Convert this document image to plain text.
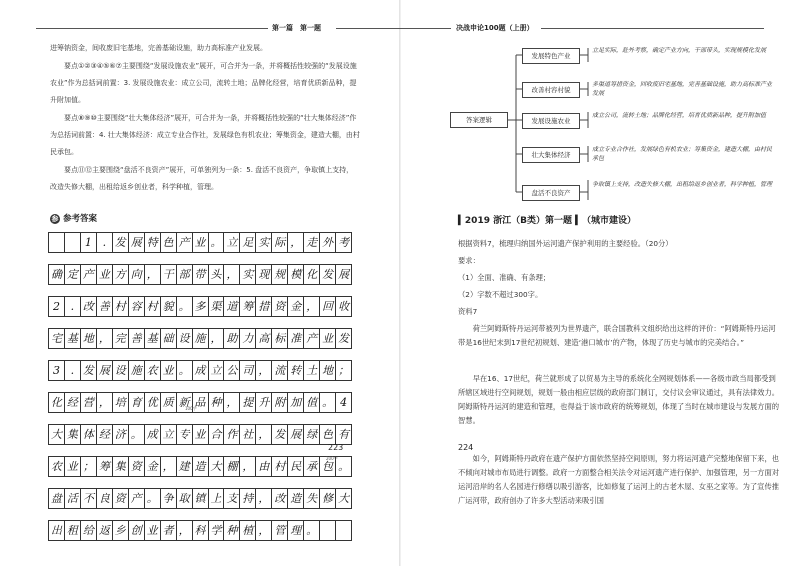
第一篇　第一题	决战申论100题（上册）
进筹钠资金，间收废旧宅基地，完善基础设施，助力高标准产业发展。
要点①②③④⑤⑥⑦主要围绕“发展设施农业”展开，可合并为一条，并将概括性较强的“发展设施农业”作为总括词前置：3. 发展设施农业：成立公司，流转土地；品牌化经营，培育优质新品种，提升附加值。
要点⑧⑨⑩主要围绕“壮大集体经济”展开，可合并为一条，并将概括性较强的“壮大集体经济”作为总括词前置：4. 壮大集体经济：成立专业合作社，发展绿色有机农业；筹集资金，建造大棚，由村民承包。
要点⑪⑫主要围绕“盘活不良资产”展开，可单独列为一条：5. 盘活不良资产，争取镇上支持，改造失修大棚，出租给返乡创业者，科学种植，管理。
参 参考答案
1 . 发 展 特 色 产 业 。 立 足 实 际 ， 走 外 考
确 定 产 业 方 向 ， 干 部 带 头 ， 实 现 规 模 化 发 展
2 . 改 善 村 容 村 貌 。 多 渠 道 筹 措 资 金 ， 回 收
宅 基 地 ， 完 善 基 础 设 施 ， 助 力 高 标 准 产 业 发
3 . 发 展 设 施 农 业 。 成 立 公 司 ， 流 转 土 地 ；
化 经 营 ， 培 育 优 质 新 品 种 ， 提 升 附 加 值 。 4
大 集 体 经 济 。 成 立 专 业 合 作 社 ， 发 展 绿 色 有
农 业 ； 筹 集 资 金 ， 建 造 大 棚 ， 由 村 民 承 包 。
盘 活 不 良 资 产 。 争 取 镇 上 支 持 ， 改 造 失 修 大
出 租 给 返 乡 创 业 者 ， 科 学 种 植 ， 管 理 。
100字
200字
223
答案逻辑
发展特色产业
改善村容村貌
发展设施农业
壮大集体经济
盘活不良资产
立足实际，赴外考察，确定产业方向，干部带头，实现规模化发展
多渠道筹措资金，回收废旧宅基地，完善基础设施，助力高标准产业发展
成立公司，流转土地；品牌化经营，培育优质新品种，提升附加值
成立专业合作社，发展绿色有机农业；筹集资金，建造大棚，由村民承包
争取镇上支持，改造失修大棚，出租给返乡创业者，科学种植，管理
▍2019 浙江（B类）第一题 ▍（城市建设）
根据资料7，梳理归纳国外运河遗产保护利用的主要经验。（20分）
要求：
（1）全面、准确、有条理；
（2）字数不超过300字。
资料7
荷兰阿姆斯特丹运河带被列为世界遗产，联合国教科文组织给出这样的评价：“阿姆斯特丹运河带是16世纪末到17世纪初规划、建造‘港口城市’的产物，体现了历史与城市的完美结合。”
早在16、17世纪，荷兰就形成了以贸易为主导的系统化全网规划体系——各级市政当局都受到所辖区域进行空间规划，规划一般由相应层级的政府部门制订，交付议会审议通过，具有法律效力。阿姆斯特丹运河的建造和管理，也得益于该市政府的统筹规划，体现了当时在城市建设与发展方面的智慧。
如今，阿姆斯特丹政府在遗产保护方面依然坚持空间原则，努力将运河遗产完整地保留下来，也不倾向对城市布局进行调整。政府一方面整合相关法令对运河遗产进行保护、加强管理，另一方面对运河沿岸的名人名园进行修缮以吸引游客，比如修复了运河上的古老木屋、女巫之家等。为了宣传推广运河带，政府创办了许多大型活动来吸引国
224
